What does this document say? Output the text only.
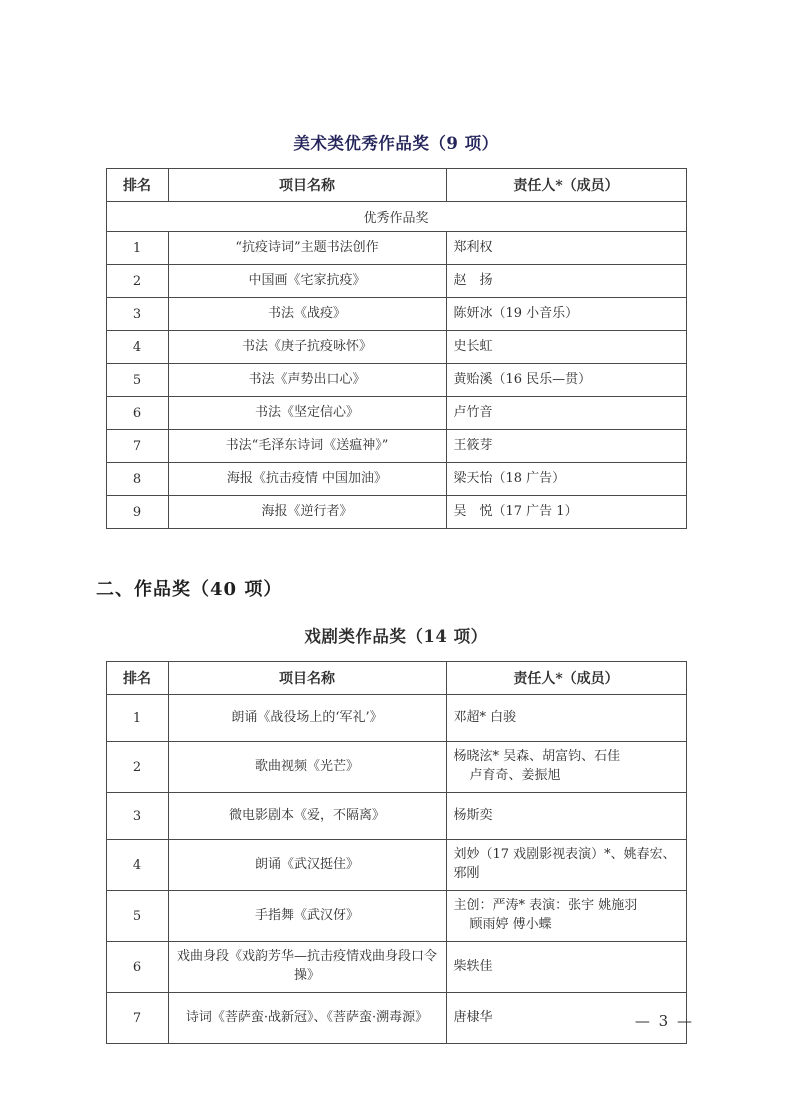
美术类优秀作品奖（9 项）
排名	项目名称	责任人*（成员）
优秀作品奖		
1	“抗疫诗词”主题书法创作	郑利权
2	中国画《宅家抗疫》	赵　扬
3	书法《战疫》	陈妍冰（19 小音乐）
4	书法《庚子抗疫咏怀》	史长虹
5	书法《声势出口心》	黄贻溪（16 民乐—贯）
6	书法《坚定信心》	卢竹音
7	书法“毛泽东诗词《送瘟神》”	王筱芽
8	海报《抗击疫情 中国加油》	梁天怡（18 广告）
9	海报《逆行者》	吴　悦（17 广告 1）
二、作品奖（40 项）
戏剧类作品奖（14 项）
排名	项目名称	责任人*（成员）
1	朗诵《战役场上的‘军礼’》	邓超* 白骏
2	歌曲视频《光芒》	杨晓泫* 吴森、胡富钧、石佳
卢育奇、姜振旭

3	微电影剧本《爱，不隔离》	杨斯奕
4	朗诵《武汉挺住》	刘妙（17 戏剧影视表演）*、姚春宏、
邪刚

5	手指舞《武汉伢》	主创：严涛* 表演：张宇 姚施羽
顾雨婷 傅小蝶

6	戏曲身段《戏韵芳华—抗击疫情戏曲身段口令操》	柴轶佳
7	诗词《菩萨蛮·战新冠》、《菩萨蛮·溯毒源》	唐棣华	— 3 —
